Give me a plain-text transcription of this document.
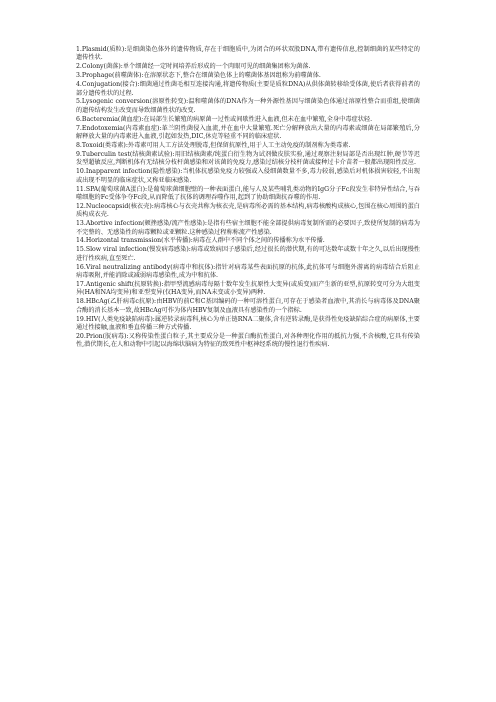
1.Plasmid(质粒):是细菌染色体外的遗传物质,存在于细胞质中,为闭合的环状双股DNA,带有遗传信息,控制细菌的某些特定的遗传性状.

2.Colony(菌落):单个细菌经一定时间培养后形成的一个肉眼可见的细菌集团称为菌落.

3.Prophage(前噬菌体):在溶原状态下,整合在细菌染色体上的噬菌体基因组称为前噬菌体.

4.Conjugation(接合):细菌通过性菌毛相互连接沟通,将遗传物质(主要是质粒DNA)从供体菌转移给受体菌,使后者获得前者的部分遗传性状的过程.

5.Lysogenic conversion(溶原性转变):温和噬菌体的DNA作为一种外源性基因与细菌染色体通过溶原性整合而重组,使细菌的遗传结构发生改变而导致细菌性状的改变.

6.Bacteremia(菌血症):在局部生长繁殖的病原菌一过性或间歇性进入血液,但未在血中繁殖,全身中毒症状轻.

7.Endotoxemia(内毒素血症):革兰阴性菌侵入血流,并在血中大量繁殖.死亡分解释放出大量的内毒素或细菌在局部繁殖后,分解释放大量的内毒素进入血液,引起如发热,DIC,休克等轻重不同的临床症状.

8.Toxoid(类毒素):外毒素可用人工方法处理脱毒,但保留抗原性,用于人工主动免疫的制剂称为类毒素.

9.Tuberculin test(结核菌素试验):用旧结核菌素/纯蛋白衍生物为试剂做皮肤实验,通过观察注射局部是否出现红肿,硬节等迟发型超敏反应,判断机体有无结核分枝杆菌感染和对该菌的免疫力,感染过结核分枝杆菌或接种过卡介苗者一般都出现阳性反应.

10.Inapparent infection(隐性感染):当机体抗感染免疫力较强或入侵细菌数量不多,毒力较弱,感染后对机体损害较轻,不出现或出现不明显的临床症状,又称亚临床感染.

11.SPA(葡萄球菌A蛋白):是葡萄球菌细胞壁的一种表面蛋白,能与人及某些哺乳类动物的IgG分子Fc段发生非特异性结合,与吞噬细胞的Fc受体争夺Fc段,从而降低了抗体的调理吞噬作用,起到了协助细菌抗吞噬的作用.

12.Nucleocapsid(核衣壳):病毒核心与衣壳共称为核衣壳,是病毒所必需的基本结构,病毒核酸构成核心,包围在核心周围的蛋白质构成衣壳.

13.Abortive infection(顿挫感染/流产性感染):是指有些宿主细胞不能全部提供病毒复制所需的必要因子,致使所复制的病毒为不完整的、无感染性的病毒颗粒或亚颗粒.这种感染过程称称流产性感染.

14.Horizontal transmission(水平传播):病毒在人群中不同个体之间的传播称为水平传播.

15.Slow viral infection(慢发病毒感染):病毒或致病因子感染后,经过很长的潜伏期,有的可达数年或数十年之久,以后出现慢性进行性疾病,直至死亡.

16.Viral neutralizing antibody(病毒中和抗体):指针对病毒某些表面抗原的抗体,此抗体可与细胞外游离的病毒结合后阻止病毒吸附,并能消除或减弱病毒感染性,成为中和抗体.

17.Antigenic shift(抗原转换):指甲型流感病毒每隔十数年发生抗原性大变异(或质变)而产生新的亚型,抗原转变可分为大组变异(HA和NA均变异)和亚型变异(仅HA变异,而NA未变或小变异)两种.

18.HBcAg(乙肝病毒c抗原):由HBV的前C和C基因编码的一种可溶性蛋白,可存在于感染者血液中,其消长与病毒体及DNA聚合酶的消长基本一致,故HBcAg可作为体内HBV复制及血液具有感染性的一个指标.

19.HIV(人类免疫缺陷病毒):属逆转录病毒科,核心为单正链RNA二聚体,含有逆转录酶,是获得性免疫缺陷综合症的病原体,主要通过性接触,血液和垂直传播三种方式传播.

20.Prion(朊病毒):又称传染性蛋白粒子,其主要成分是一种蛋白酶抗性蛋白,对各种理化作用的抵抗力强,不含核酸,它具有传染性,潜伏期长,在人和动物中引起以海绵状脑病为特征的致死性中枢神经系统的慢性退行性疾病.
